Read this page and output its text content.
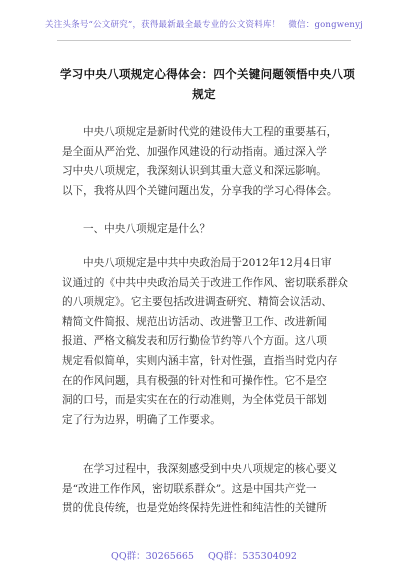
关注头条号“公文研究”，获得最新最全最专业的公文资料库！ 微信：gongwenyj
学习中央八项规定心得体会：四个关键问题领悟中央八项
规定
中央八项规定是新时代党的建设伟大工程的重要基石，
是全面从严治党、加强作风建设的行动指南。通过深入学
习中央八项规定，我深刻认识到其重大意义和深远影响。
以下，我将从四个关键问题出发，分享我的学习心得体会。
一、中央八项规定是什么？
中央八项规定是中共中央政治局于2012年12月4日审
议通过的《中共中央政治局关于改进工作作风、密切联系群众
的八项规定》。它主要包括改进调查研究、精简会议活动、
精简文件简报、规范出访活动、改进警卫工作、改进新闻
报道、严格文稿发表和厉行勤俭节约等八个方面。这八项
规定看似简单，实则内涵丰富，针对性强，直指当时党内存
在的作风问题，具有极强的针对性和可操作性。它不是空
洞的口号，而是实实在在的行动准则，为全体党员干部划
定了行为边界，明确了工作要求。
在学习过程中，我深刻感受到中央八项规定的核心要义
是“改进工作作风，密切联系群众”。这是中国共产党一
贯的优良传统，也是党始终保持先进性和纯洁性的关键所
QQ群：30265665 QQ群：535304092
